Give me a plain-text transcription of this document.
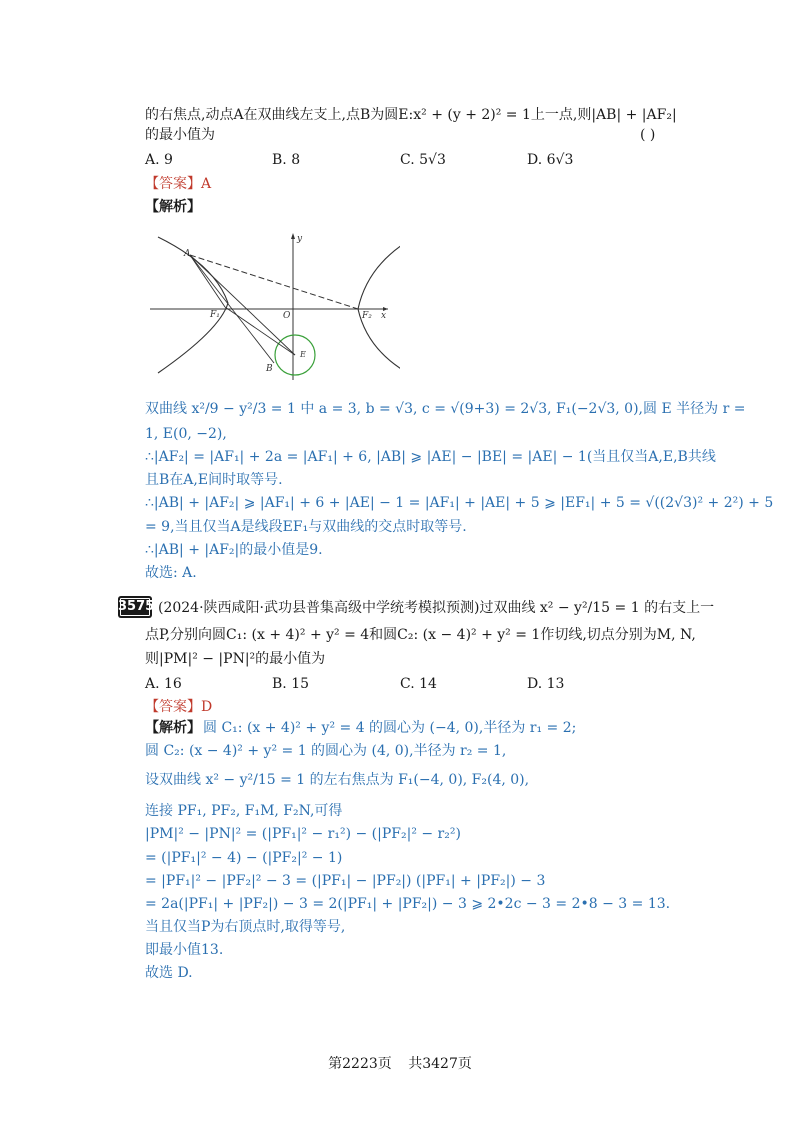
的右焦点,动点A在双曲线左支上,点B为圆E:x² + (y + 2)² = 1上一点,则|AB| + |AF₂|
的最小值为	( )
A. 9	B. 8	C. 5√3	D. 6√3
【答案】A
【解析】
A
B
F₁	F₂
O
E
x
y
双曲线 x²/9 − y²/3 = 1 中 a = 3, b = √3, c = √(9+3) = 2√3, F₁(−2√3, 0),圆 E 半径为 r =
1, E(0, −2),
∴|AF₂| = |AF₁| + 2a = |AF₁| + 6, |AB| ⩾ |AE| − |BE| = |AE| − 1(当且仅当A,E,B共线
且B在A,E间时取等号.
∴|AB| + |AF₂| ⩾ |AF₁| + 6 + |AE| − 1 = |AF₁| + |AE| + 5 ⩾ |EF₁| + 5 = √((2√3)² + 2²) + 5
= 9,当且仅当A是线段EF₁与双曲线的交点时取等号.
∴|AB| + |AF₂|的最小值是9.
故选: A.
3575 (2024·陕西咸阳·武功县普集高级中学统考模拟预测)过双曲线 x² − y²/15 = 1 的右支上一
点P,分别向圆C₁: (x + 4)² + y² = 4和圆C₂: (x − 4)² + y² = 1作切线,切点分别为M, N,
则|PM|² − |PN|²的最小值为
A. 16	B. 15	C. 14	D. 13
【答案】D
【解析】 圆 C₁: (x + 4)² + y² = 4 的圆心为 (−4, 0),半径为 r₁ = 2;
圆 C₂: (x − 4)² + y² = 1 的圆心为 (4, 0),半径为 r₂ = 1,
设双曲线 x² − y²/15 = 1 的左右焦点为 F₁(−4, 0), F₂(4, 0),
连接 PF₁, PF₂, F₁M, F₂N,可得
|PM|² − |PN|² = (|PF₁|² − r₁²) − (|PF₂|² − r₂²)
= (|PF₁|² − 4) − (|PF₂|² − 1)
= |PF₁|² − |PF₂|² − 3 = (|PF₁| − |PF₂|) (|PF₁| + |PF₂|) − 3
= 2a(|PF₁| + |PF₂|) − 3 = 2(|PF₁| + |PF₂|) − 3 ⩾ 2•2c − 3 = 2•8 − 3 = 13.
当且仅当P为右顶点时,取得等号,
即最小值13.
故选 D.
第2223页 共3427页
